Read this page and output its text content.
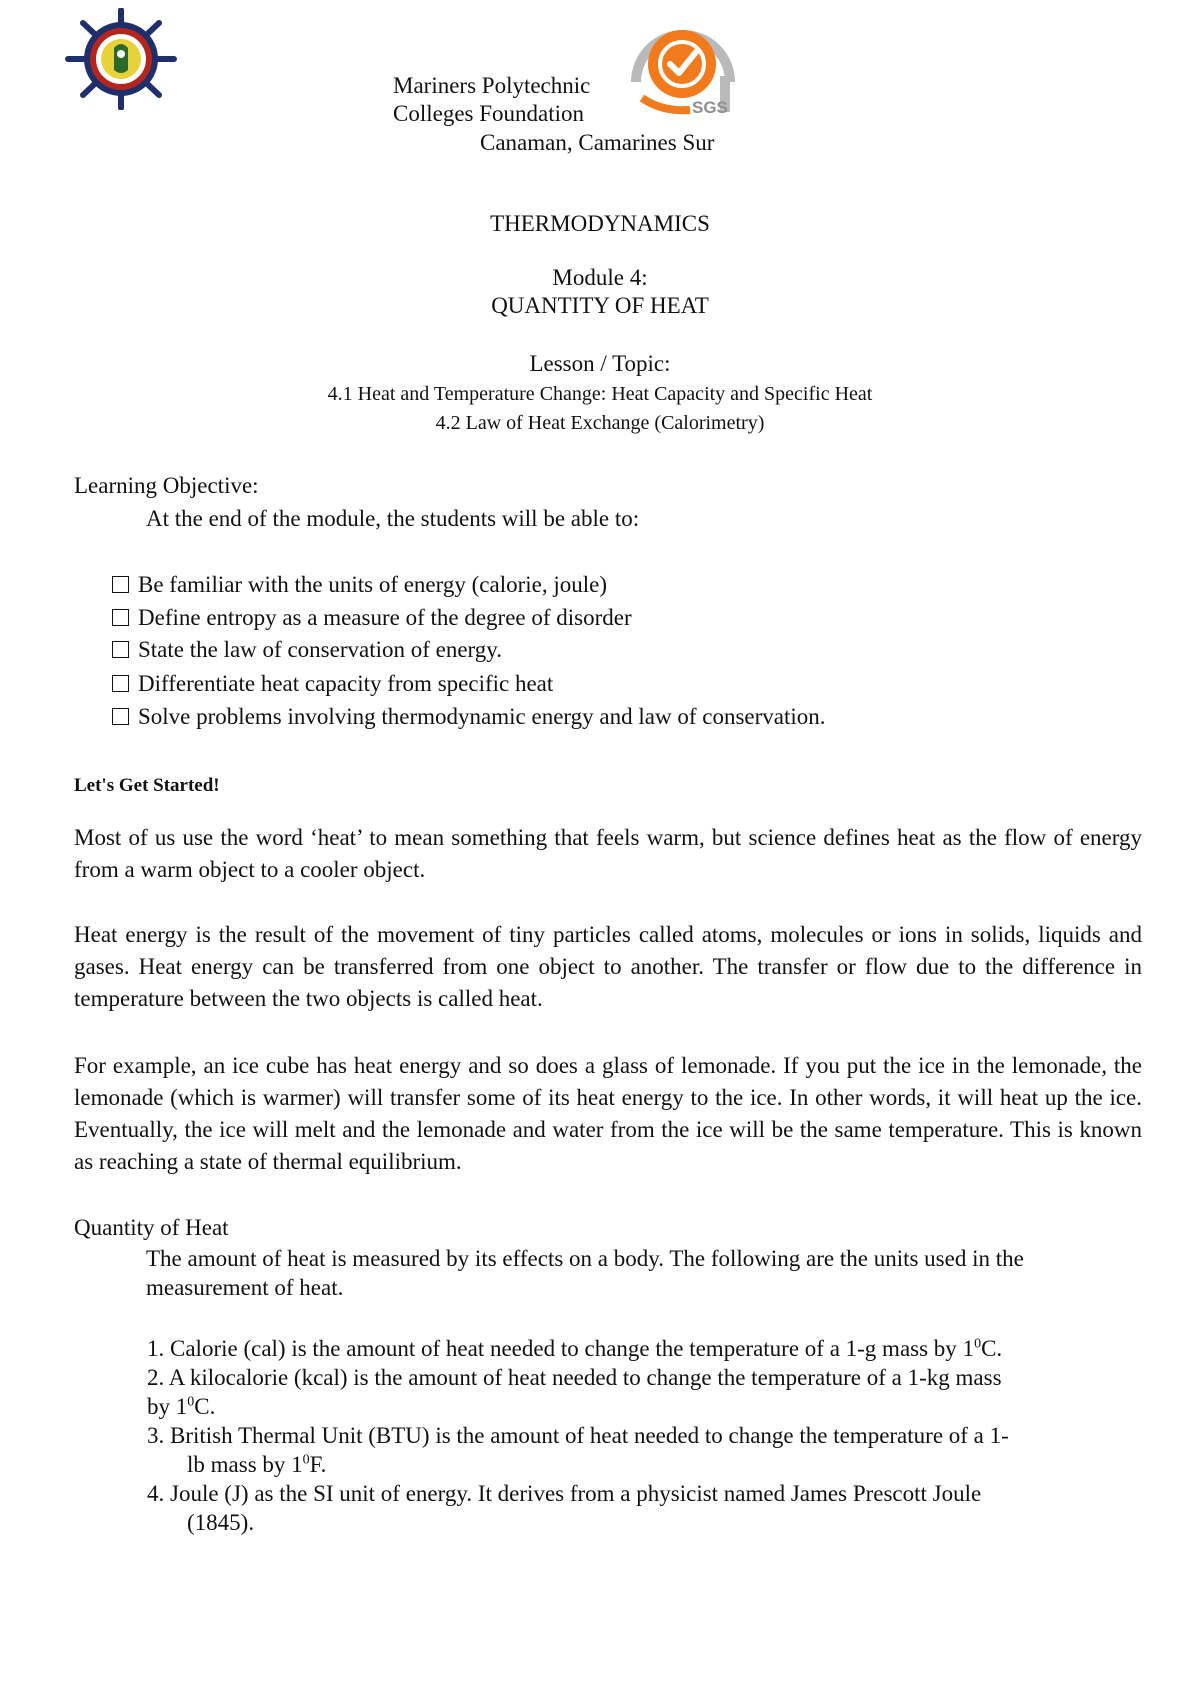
SGS
Mariners Polytechnic
Colleges Foundation
Canaman, Camarines Sur
THERMODYNAMICS
Module 4:
QUANTITY OF HEAT
Lesson / Topic:
4.1 Heat and Temperature Change: Heat Capacity and Specific Heat
4.2 Law of Heat Exchange (Calorimetry)
Learning Objective:
At the end of the module, the students will be able to:
Be familiar with the units of energy (calorie, joule)
Define entropy as a measure of the degree of disorder
State the law of conservation of energy.
Differentiate heat capacity from specific heat
Solve problems involving thermodynamic energy and law of conservation.
Let's Get Started!
Most of us use the word ‘heat’ to mean something that feels warm, but science defines heat as the flow of energy from a warm object to a cooler object.
Heat energy is the result of the movement of tiny particles called atoms, molecules or ions in solids, liquids and gases. Heat energy can be transferred from one object to another. The transfer or flow due to the difference in temperature between the two objects is called heat.
For example, an ice cube has heat energy and so does a glass of lemonade. If you put the ice in the lemonade, the lemonade (which is warmer) will transfer some of its heat energy to the ice. In other words, it will heat up the ice. Eventually, the ice will melt and the lemonade and water from the ice will be the same temperature. This is known as reaching a state of thermal equilibrium.
Quantity of Heat
The amount of heat is measured by its effects on a body. The following are the units used in the measurement of heat.
1. Calorie (cal) is the amount of heat needed to change the temperature of a 1-g mass by $1^0C$.
2. A kilocalorie (kcal) is the amount of heat needed to change the temperature of a 1-kg mass
by $1^0C$.
3. British Thermal Unit (BTU) is the amount of heat needed to change the temperature of a 1-
lb mass by $1^0F$.
4. Joule (J) as the SI unit of energy. It derives from a physicist named James Prescott Joule
(1845).
